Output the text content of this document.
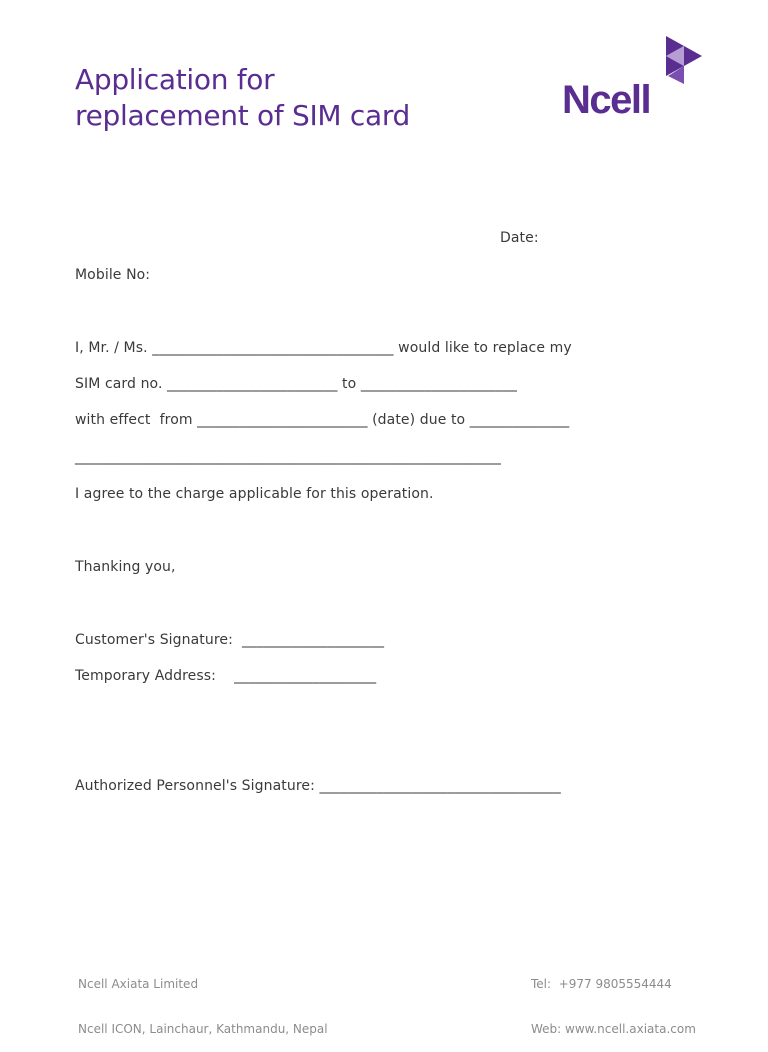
Application for
replacement of SIM card	Ncell
Date:
Mobile No:
I, Mr. / Ms. __________________________________ would like to replace my
SIM card no. ________________________ to ______________________
with effect  from ________________________ (date) due to ______________
____________________________________________________________
I agree to the charge applicable for this operation.
Thanking you,
Customer's Signature:  ____________________
Temporary Address:    ____________________
Authorized Personnel's Signature: __________________________________

Ncell Axiata Limited

Ncell ICON, Lainchaur, Kathmandu, Nepal

Tel:  +977 9805554444

Web: www.ncell.axiata.com
